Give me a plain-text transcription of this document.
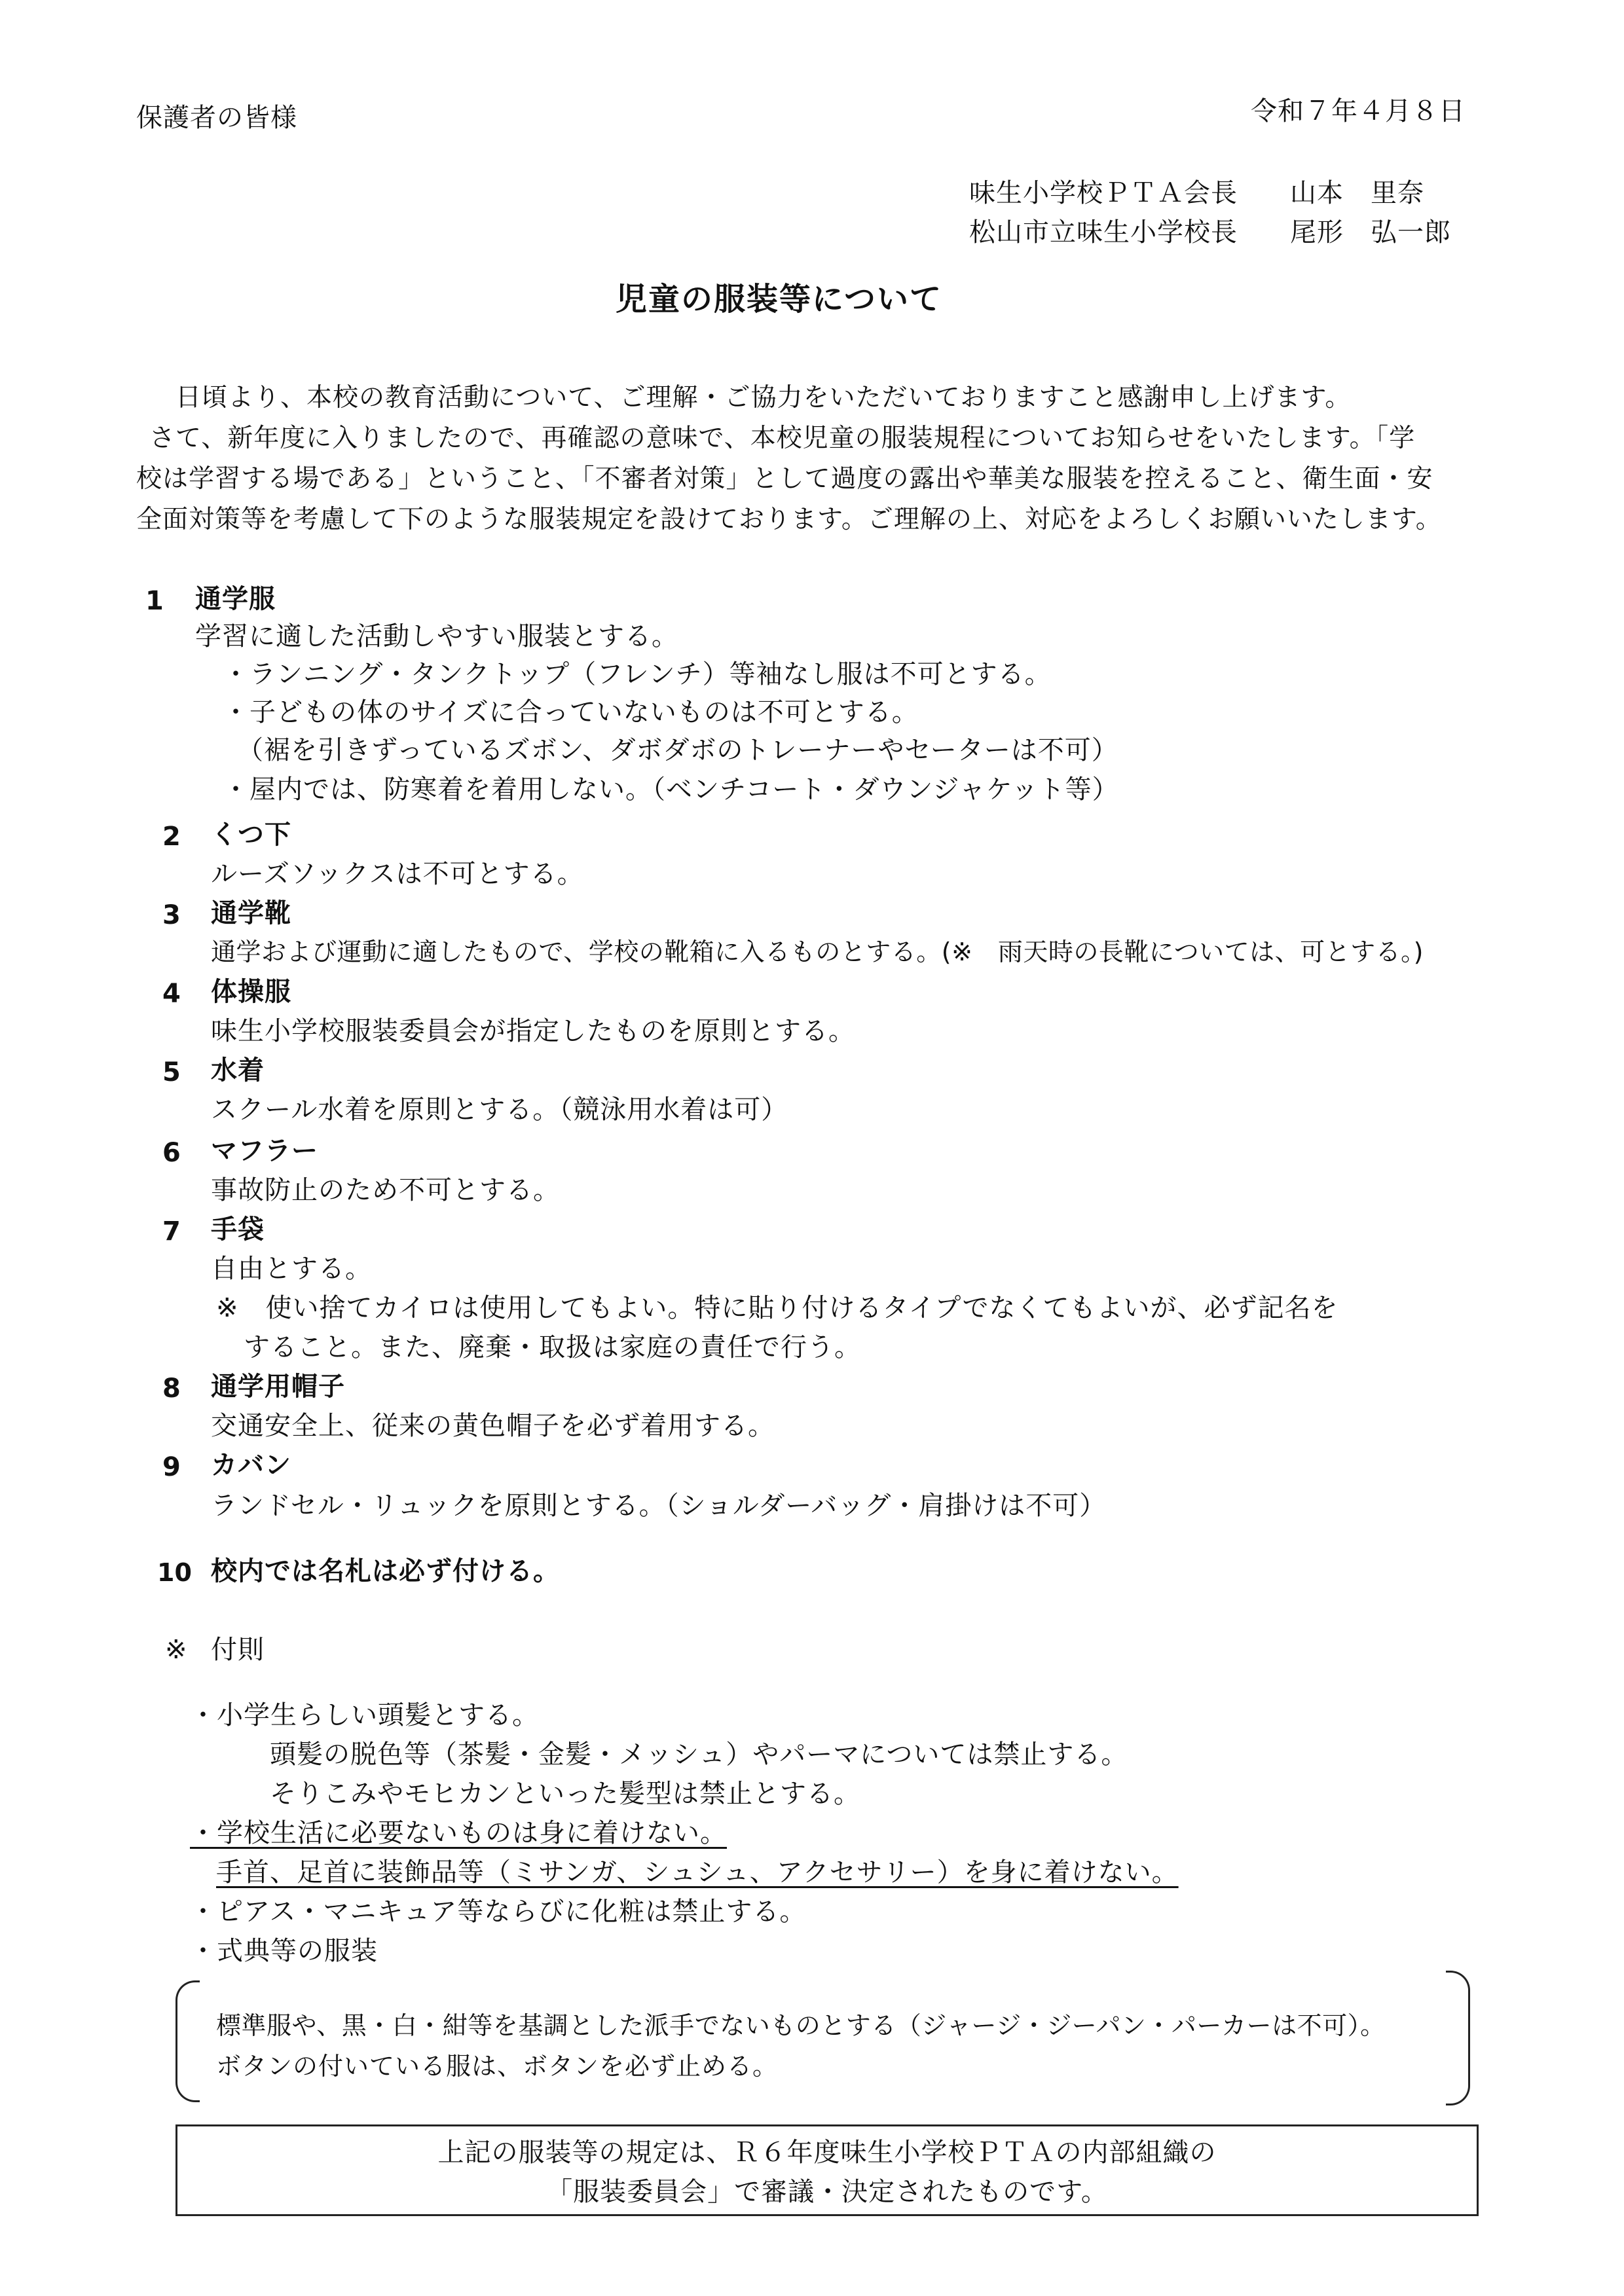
保護者の皆様	令和７年４月８日
味生小学校ＰＴＡ会長 山本　里奈
松山市立味生小学校長 尾形　弘一郎
児童の服装等について
日頃より、本校の教育活動について、ご理解・ご協力をいただいておりますこと感謝申し上げます。
さて、新年度に入りましたので、再確認の意味で、本校児童の服装規程についてお知らせをいたします。「学
校は学習する場である」ということ、「不審者対策」として過度の露出や華美な服装を控えること、衛生面・安
全面対策等を考慮して下のような服装規定を設けております。ご理解の上、対応をよろしくお願いいたします。
1 通学服
学習に適した活動しやすい服装とする。
・ランニング・タンクトップ（フレンチ）等袖なし服は不可とする。
・子どもの体のサイズに合っていないものは不可とする。
（裾を引きずっているズボン、ダボダボのトレーナーやセーターは不可）
・屋内では、防寒着を着用しない。（ベンチコート・ダウンジャケット等）
2 くつ下
ルーズソックスは不可とする。
3 通学靴
通学および運動に適したもので、学校の靴箱に入るものとする。(※　雨天時の長靴については、可とする。)
4 体操服
味生小学校服装委員会が指定したものを原則とする。
5 水着
スクール水着を原則とする。（競泳用水着は可）
6 マフラー
事故防止のため不可とする。
7 手袋
自由とする。
※　使い捨てカイロは使用してもよい。特に貼り付けるタイプでなくてもよいが、必ず記名を
すること。また、廃棄・取扱は家庭の責任で行う。
8 通学用帽子
交通安全上、従来の黄色帽子を必ず着用する。
9 カバン
ランドセル・リュックを原則とする。（ショルダーバッグ・肩掛けは不可）
10 校内では名札は必ず付ける。
※ 付則
・小学生らしい頭髪とする。
頭髪の脱色等（茶髪・金髪・メッシュ）やパーマについては禁止する。
そりこみやモヒカンといった髪型は禁止とする。
・学校生活に必要ないものは身に着けない。
手首、足首に装飾品等（ミサンガ、シュシュ、アクセサリー）を身に着けない。
・ピアス・マニキュア等ならびに化粧は禁止する。
・式典等の服装
標準服や、黒・白・紺等を基調とした派手でないものとする（ジャージ・ジーパン・パーカーは不可）。
ボタンの付いている服は、ボタンを必ず止める。
上記の服装等の規定は、Ｒ６年度味生小学校ＰＴＡの内部組織の
「服装委員会」で審議・決定されたものです。
